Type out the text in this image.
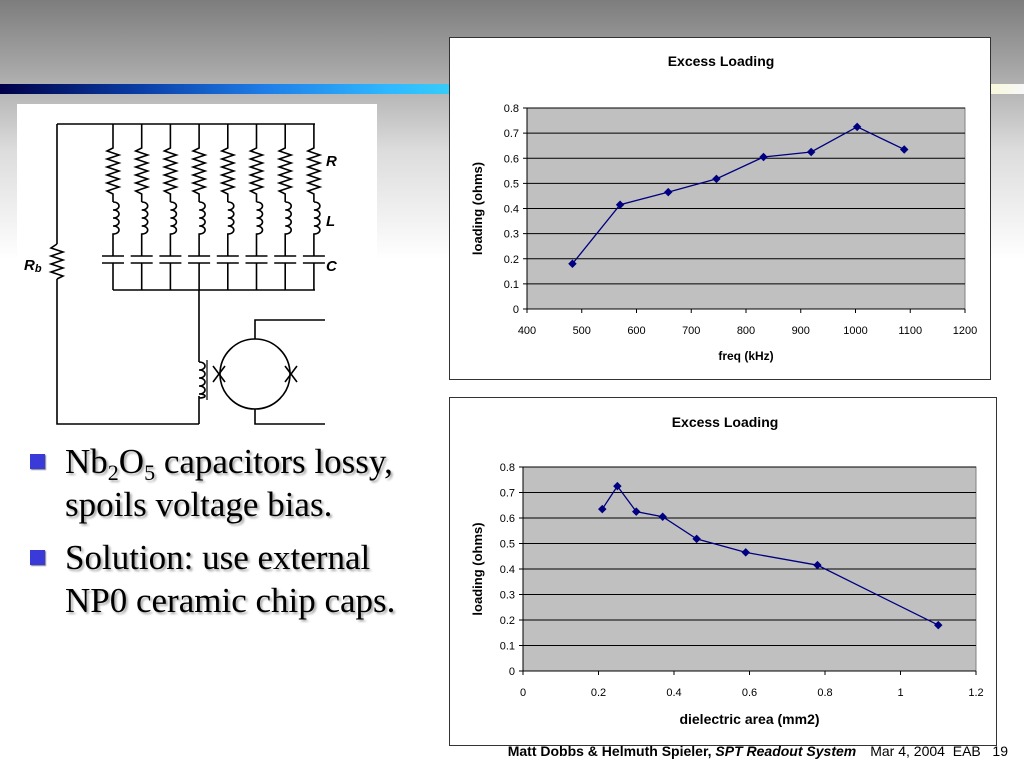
R
L
C
Rb
$Nb_2O_5$ capacitors lossy, spoils voltage bias.
Solution: use external NP0 ceramic chip caps.
Excess Loading
0
0.1
0.2
0.3
0.4
0.5
0.6
0.7
0.8
400	500	600	700	800	900	1000	1100	1200
freq (kHz)
loading (ohms)
Excess Loading
0
0.1
0.2
0.3
0.4
0.5
0.6
0.7
0.8
0	0.2	0.4	0.6	0.8	1	1.2
dielectric area (mm2)
loading (ohms)
Matt Dobbs & Helmuth Spieler, SPT Readout System Mar 4, 2004 EAB 19
